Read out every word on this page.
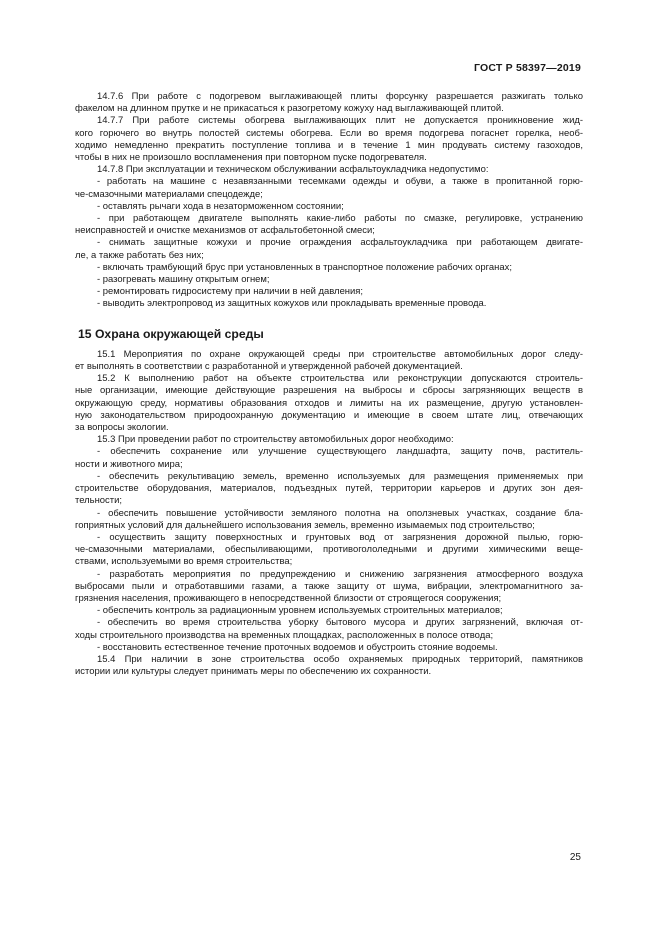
ГОСТ Р 58397—2019

14.7.6 При работе с подогревом выглаживающей плиты форсунку разрешается разжигать только
факелом на длинном прутке и не прикасаться к разогретому кожуху над выглаживающей плитой.

14.7.7 При работе системы обогрева выглаживающих плит не допускается проникновение жид-
кого горючего во внутрь полостей системы обогрева. Если во время подогрева погаснет горелка, необ-
ходимо немедленно прекратить поступление топлива и в течение 1 мин продувать систему газоходов,
чтобы в них не произошло воспламенения при повторном пуске подогревателя.

14.7.8 При эксплуатации и техническом обслуживании асфальтоукладчика недопустимо:
- работать на машине с незавязанными тесемками одежды и обуви, а также в пропитанной горю-
че-смазочными материалами спецодежде;
- оставлять рычаги хода в незаторможенном состоянии;
- при работающем двигателе выполнять какие-либо работы по смазке, регулировке, устранению
неисправностей и очистке механизмов от асфальтобетонной смеси;
- снимать защитные кожухи и прочие ограждения асфальтоукладчика при работающем двигате-
ле, а также работать без них;
- включать трамбующий брус при установленных в транспортное положение рабочих органах;
- разогревать машину открытым огнем;
- ремонтировать гидросистему при наличии в ней давления;
- выводить электропровод из защитных кожухов или прокладывать временные провода.

15 Охрана окружающей среды

15.1 Мероприятия по охране окружающей среды при строительстве автомобильных дорог следу-
ет выполнять в соответствии с разработанной и утвержденной рабочей документацией.

15.2 К выполнению работ на объекте строительства или реконструкции допускаются строитель-
ные организации, имеющие действующие разрешения на выбросы и сбросы загрязняющих веществ в
окружающую среду, нормативы образования отходов и лимиты на их размещение, другую установлен-
ную законодательством природоохранную документацию и имеющие в своем штате лиц, отвечающих
за вопросы экологии.

15.3 При проведении работ по строительству автомобильных дорог необходимо:
- обеспечить сохранение или улучшение существующего ландшафта, защиту почв, раститель-
ности и животного мира;
- обеспечить рекультивацию земель, временно используемых для размещения применяемых при
строительстве оборудования, материалов, подъездных путей, территории карьеров и других зон дея-
тельности;
- обеспечить повышение устойчивости земляного полотна на оползневых участках, создание бла-
гоприятных условий для дальнейшего использования земель, временно изымаемых под строительство;
- осуществить защиту поверхностных и грунтовых вод от загрязнения дорожной пылью, горю-
че-смазочными материалами, обеспыливающими, противогололедными и другими химическими веще-
ствами, используемыми во время строительства;
- разработать мероприятия по предупреждению и снижению загрязнения атмосферного воздуха
выбросами пыли и отработавшими газами, а также защиту от шума, вибрации, электромагнитного за-
грязнения населения, проживающего в непосредственной близости от строящегося сооружения;
- обеспечить контроль за радиационным уровнем используемых строительных материалов;
- обеспечить во время строительства уборку бытового мусора и других загрязнений, включая от-
ходы строительного производства на временных площадках, расположенных в полосе отвода;
- восстановить естественное течение проточных водоемов и обустроить стояние водоемы.

15.4 При наличии в зоне строительства особо охраняемых природных территорий, памятников
истории или культуры следует принимать меры по обеспечению их сохранности.

25
